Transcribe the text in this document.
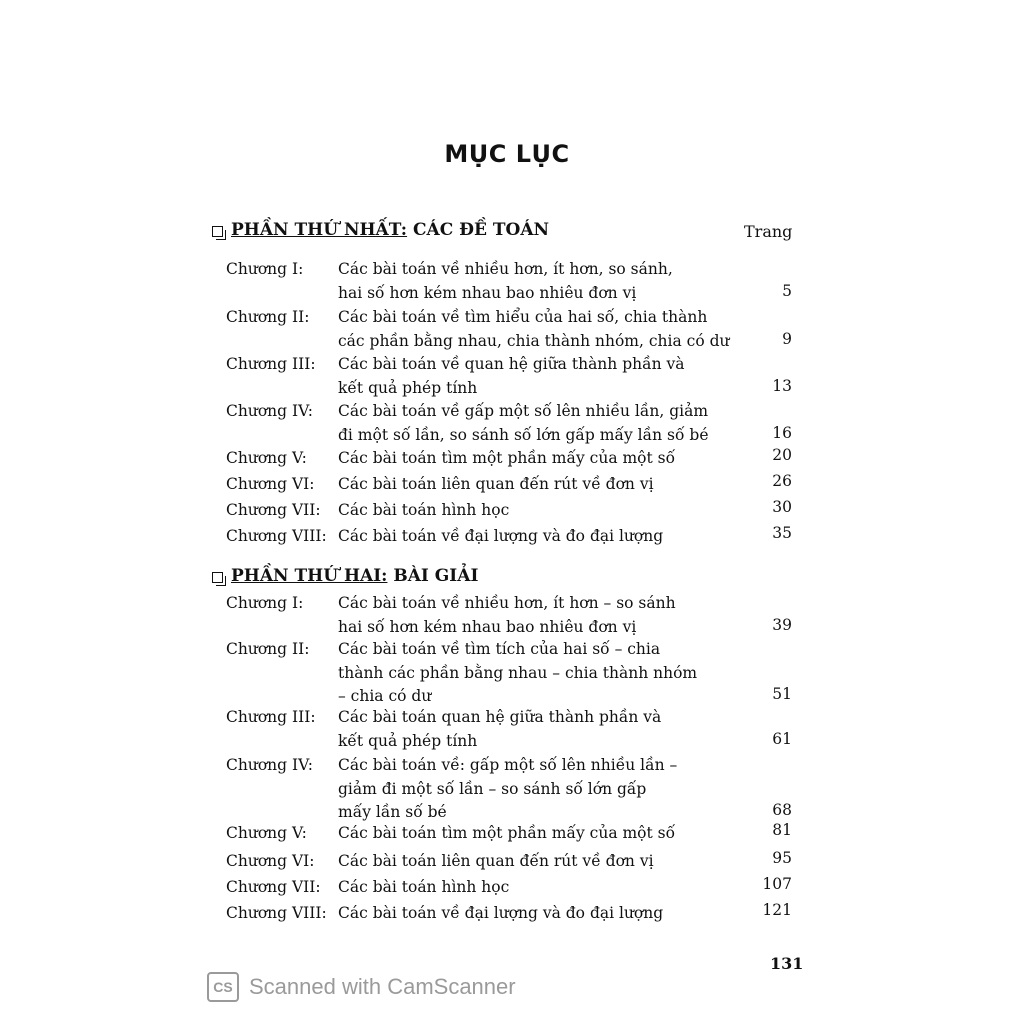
MỤC LỤC
PHẦN THỨ NHẤT:
CÁC ĐỀ TOÁN	Trang
Chương I: Các bài toán về nhiều hơn, ít hơn, so sánh,
hai số hơn kém nhau bao nhiêu đơn vị	5
Chương II: Các bài toán về tìm hiểu của hai số, chia thành
các phần bằng nhau, chia thành nhóm, chia có dư	9
Chương III: Các bài toán về quan hệ giữa thành phần và
kết quả phép tính	13
Chương IV: Các bài toán về gấp một số lên nhiều lần, giảm
đi một số lần, so sánh số lớn gấp mấy lần số bé	16
Chương V: Các bài toán tìm một phần mấy của một số	20
Chương VI: Các bài toán liên quan đến rút về đơn vị	26
Chương VII: Các bài toán hình học	30
Chương VIII: Các bài toán về đại lượng và đo đại lượng	35
PHẦN THỨ HAI:
BÀI GIẢI
Chương I: Các bài toán về nhiều hơn, ít hơn – so sánh
hai số hơn kém nhau bao nhiêu đơn vị	39
Chương II: Các bài toán về tìm tích của hai số – chia
thành các phần bằng nhau – chia thành nhóm
– chia có dư	51
Chương III: Các bài toán quan hệ giữa thành phần và
kết quả phép tính	61
Chương IV: Các bài toán về: gấp một số lên nhiều lần –
giảm đi một số lần – so sánh số lớn gấp
mấy lần số bé	68
Chương V: Các bài toán tìm một phần mấy của một số	81
Chương VI: Các bài toán liên quan đến rút về đơn vị	95
Chương VII: Các bài toán hình học	107
Chương VIII: Các bài toán về đại lượng và đo đại lượng	121
131
CS Scanned with CamScanner
